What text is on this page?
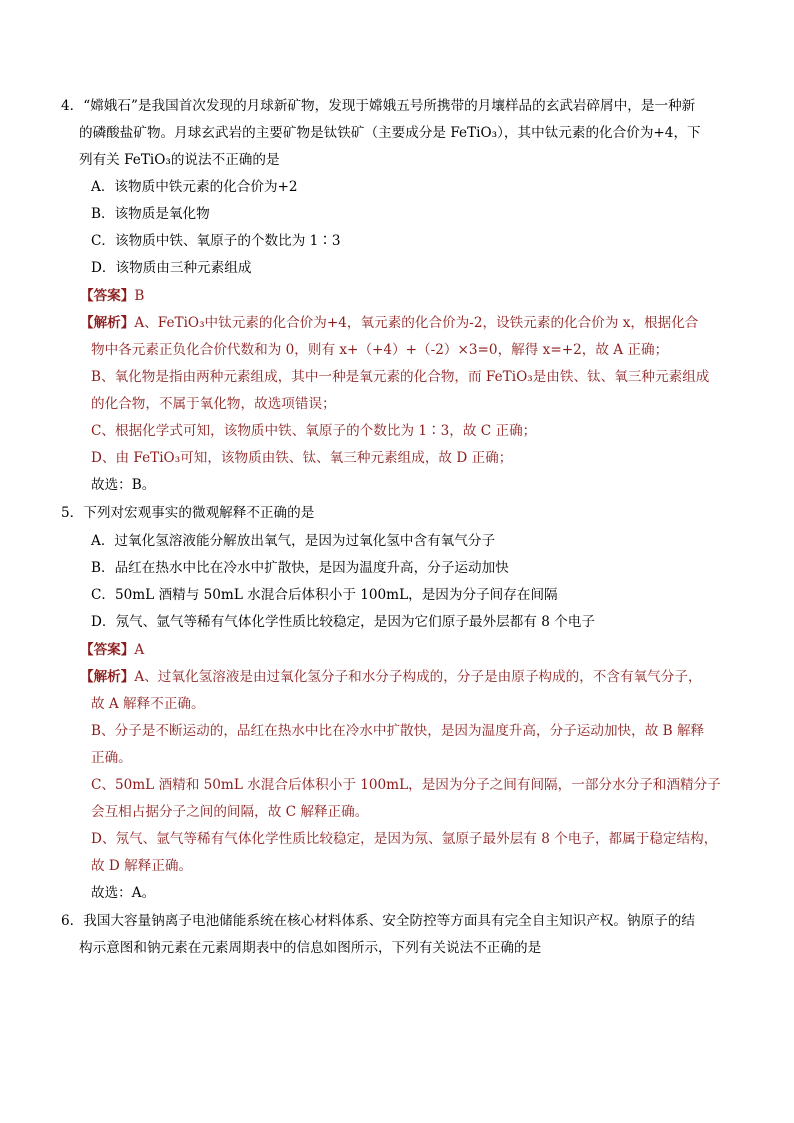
4．“嫦娥石”是我国首次发现的月球新矿物，发现于嫦娥五号所携带的月壤样品的玄武岩碎屑中，是一种新
的磷酸盐矿物。月球玄武岩的主要矿物是钛铁矿（主要成分是 FeTiO₃），其中钛元素的化合价为+4，下
列有关 FeTiO₃的说法不正确的是
A．该物质中铁元素的化合价为+2
B．该物质是氧化物
C．该物质中铁、氧原子的个数比为 1∶3
D．该物质由三种元素组成
【答案】B
【解析】A、FeTiO₃中钛元素的化合价为+4，氧元素的化合价为-2，设铁元素的化合价为 x，根据化合
物中各元素正负化合价代数和为 0，则有 x+（+4）+（-2）×3=0，解得 x=+2，故 A 正确；
B、氧化物是指由两种元素组成，其中一种是氧元素的化合物，而 FeTiO₃是由铁、钛、氧三种元素组成
的化合物，不属于氧化物，故选项错误；
C、根据化学式可知，该物质中铁、氧原子的个数比为 1∶3，故 C 正确；
D、由 FeTiO₃可知，该物质由铁、钛、氧三种元素组成，故 D 正确；
故选：B。
5．下列对宏观事实的微观解释不正确的是
A．过氧化氢溶液能分解放出氧气，是因为过氧化氢中含有氧气分子
B．品红在热水中比在冷水中扩散快，是因为温度升高，分子运动加快
C．50mL 酒精与 50mL 水混合后体积小于 100mL，是因为分子间存在间隔
D．氖气、氩气等稀有气体化学性质比较稳定，是因为它们原子最外层都有 8 个电子
【答案】A
【解析】A、过氧化氢溶液是由过氧化氢分子和水分子构成的，分子是由原子构成的，不含有氧气分子，
故 A 解释不正确。
B、分子是不断运动的，品红在热水中比在冷水中扩散快，是因为温度升高，分子运动加快，故 B 解释
正确。
C、50mL 酒精和 50mL 水混合后体积小于 100mL，是因为分子之间有间隔，一部分水分子和酒精分子
会互相占据分子之间的间隔，故 C 解释正确。
D、氖气、氩气等稀有气体化学性质比较稳定，是因为氖、氩原子最外层有 8 个电子，都属于稳定结构，
故 D 解释正确。
故选：A。
6．我国大容量钠离子电池储能系统在核心材料体系、安全防控等方面具有完全自主知识产权。钠原子的结
构示意图和钠元素在元素周期表中的信息如图所示，下列有关说法不正确的是
